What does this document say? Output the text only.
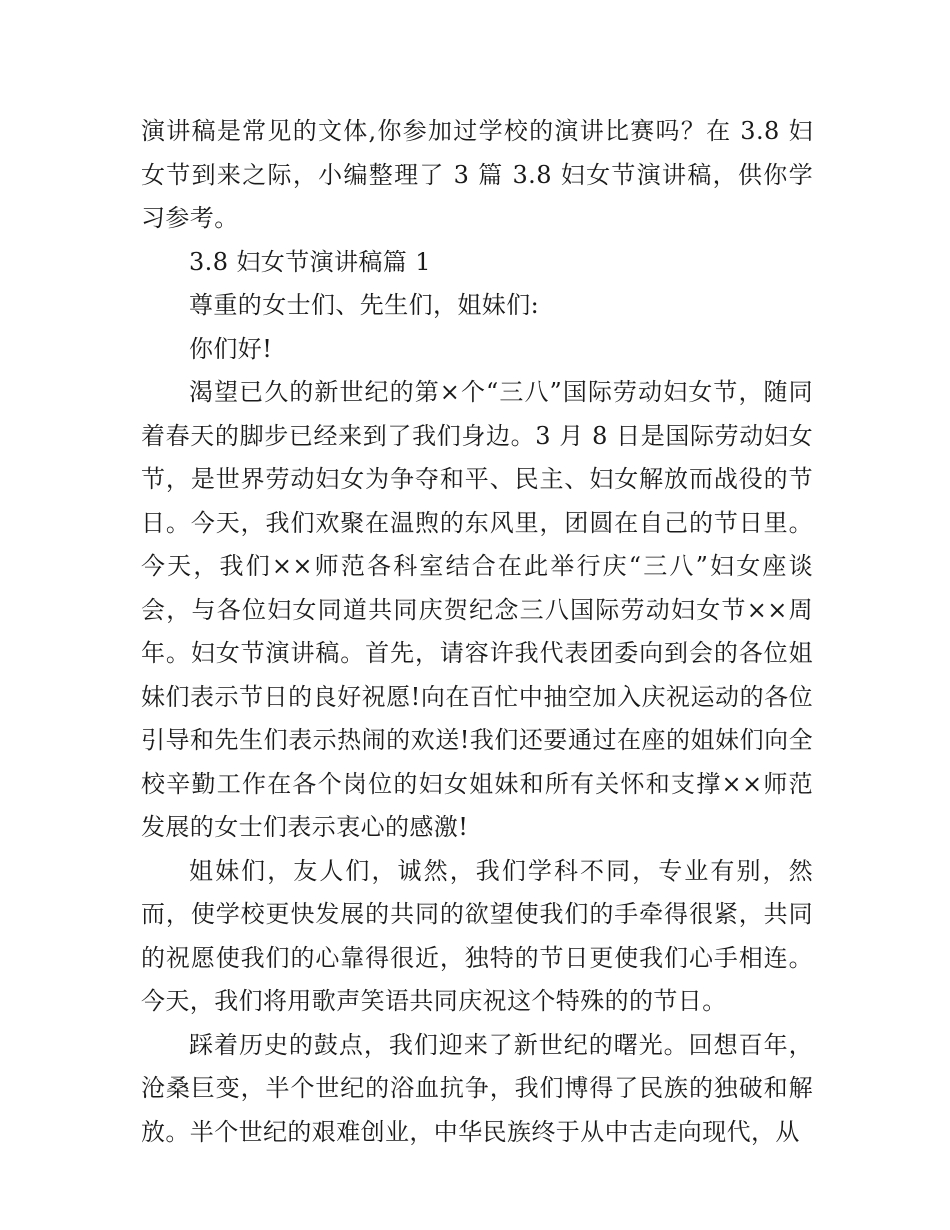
演讲稿是常见的文体,你参加过学校的演讲比赛吗？在 3.8 妇女节到来之际，小编整理了 3 篇 3.8 妇女节演讲稿，供你学习参考。

3.8 妇女节演讲稿篇 1

尊重的女士们、先生们，姐妹们:

你们好!

渴望已久的新世纪的第×个“三八”国际劳动妇女节，随同着春天的脚步已经来到了我们身边。3 月 8 日是国际劳动妇女节，是世界劳动妇女为争夺和平、民主、妇女解放而战役的节日。今天，我们欢聚在温煦的东风里，团圆在自己的节日里。今天，我们××师范各科室结合在此举行庆“三八”妇女座谈会，与各位妇女同道共同庆贺纪念三八国际劳动妇女节××周年。妇女节演讲稿。首先，请容许我代表团委向到会的各位姐妹们表示节日的良好祝愿!向在百忙中抽空加入庆祝运动的各位引导和先生们表示热闹的欢送!我们还要通过在座的姐妹们向全校辛勤工作在各个岗位的妇女姐妹和所有关怀和支撑××师范发展的女士们表示衷心的感激!

姐妹们，友人们，诚然，我们学科不同，专业有别，然而，使学校更快发展的共同的欲望使我们的手牵得很紧，共同的祝愿使我们的心靠得很近，独特的节日更使我们心手相连。今天，我们将用歌声笑语共同庆祝这个特殊的的节日。

踩着历史的鼓点，我们迎来了新世纪的曙光。回想百年，沧桑巨变，半个世纪的浴血抗争，我们博得了民族的独破和解放。半个世纪的艰难创业，中华民族终于从中古走向现代，从
